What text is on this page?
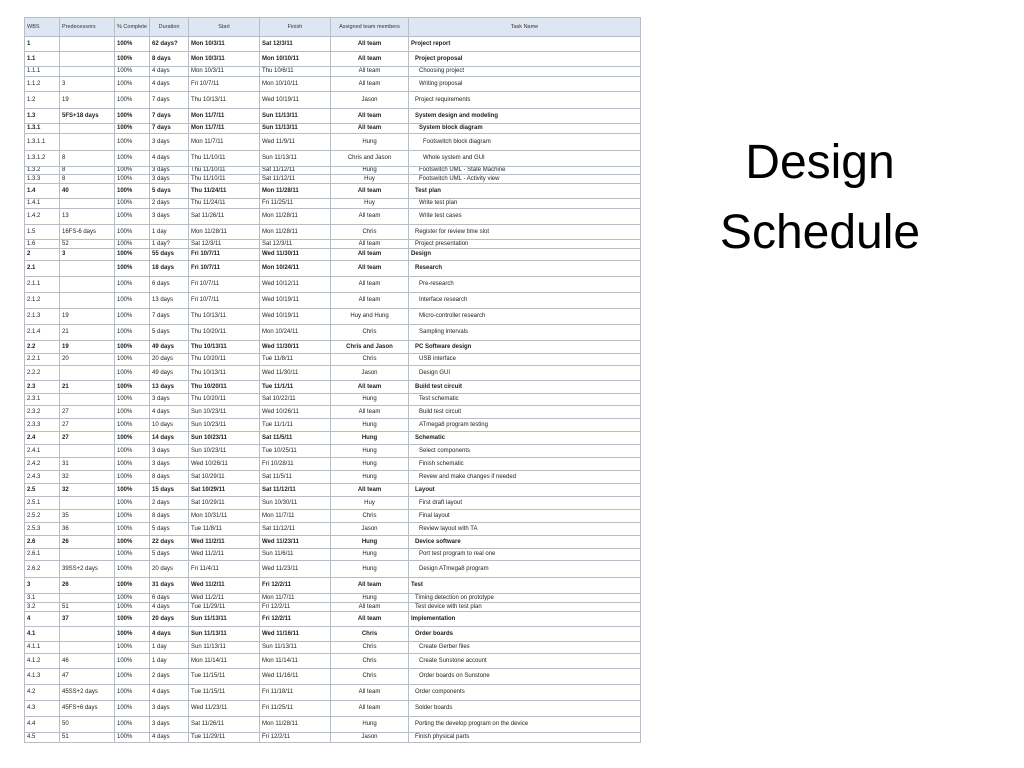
WBS	Predecessors	% Complete	Duration	Start	Finish	Assigned team members	Task Name
1		100%	62 days?	Mon 10/3/11	Sat 12/3/11	All team	Project report
1.1		100%	8 days	Mon 10/3/11	Mon 10/10/11	All team	Project proposal
1.1.1		100%	4 days	Mon 10/3/11	Thu 10/6/11	All team	Choosing project
1.1.2	3	100%	4 days	Fri 10/7/11	Mon 10/10/11	All team	Writing proposal
1.2	19	100%	7 days	Thu 10/13/11	Wed 10/19/11	Jason	Project requirements
1.3	5FS+18 days	100%	7 days	Mon 11/7/11	Sun 11/13/11	All team	System design and modeling
1.3.1		100%	7 days	Mon 11/7/11	Sun 11/13/11	All team	System block diagram
1.3.1.1		100%	3 days	Mon 11/7/11	Wed 11/9/11	Hung	Footswitch block diagram
1.3.1.2	8	100%	4 days	Thu 11/10/11	Sun 11/13/11	Chris and Jason	Whole system and GUI
1.3.2	8	100%	3 days	Thu 11/10/11	Sat 11/12/11	Hung	Footswitch UML - State Machine
1.3.3	8	100%	3 days	Thu 11/10/11	Sat 11/12/11	Huy	Footswitch UML - Activity view
1.4	40	100%	5 days	Thu 11/24/11	Mon 11/28/11	All team	Test plan
1.4.1		100%	2 days	Thu 11/24/11	Fri 11/25/11	Huy	Write test plan
1.4.2	13	100%	3 days	Sat 11/26/11	Mon 11/28/11	All team	Write test cases
1.5	16FS-6 days	100%	1 day	Mon 11/28/11	Mon 11/28/11	Chris	Register for review time slot
1.6	52	100%	1 day?	Sat 12/3/11	Sat 12/3/11	All team	Project presentation
2	3	100%	55 days	Fri 10/7/11	Wed 11/30/11	All team	Design
2.1		100%	18 days	Fri 10/7/11	Mon 10/24/11	All team	Research
2.1.1		100%	6 days	Fri 10/7/11	Wed 10/12/11	All team	Pre-research
2.1.2		100%	13 days	Fri 10/7/11	Wed 10/19/11	All team	Interface research
2.1.3	19	100%	7 days	Thu 10/13/11	Wed 10/19/11	Huy and Hung	Micro-controller research
2.1.4	21	100%	5 days	Thu 10/20/11	Mon 10/24/11	Chris	Sampling intervals
2.2	19	100%	49 days	Thu 10/13/11	Wed 11/30/11	Chris and Jason	PC Software design
2.2.1	20	100%	20 days	Thu 10/20/11	Tue 11/8/11	Chris	USB interface
2.2.2		100%	49 days	Thu 10/13/11	Wed 11/30/11	Jason	Design GUI
2.3	21	100%	13 days	Thu 10/20/11	Tue 11/1/11	All team	Build test circuit
2.3.1		100%	3 days	Thu 10/20/11	Sat 10/22/11	Hung	Test schematic
2.3.2	27	100%	4 days	Sun 10/23/11	Wed 10/26/11	All team	Build test circuit
2.3.3	27	100%	10 days	Sun 10/23/11	Tue 11/1/11	Hung	ATmega8 program testing
2.4	27	100%	14 days	Sun 10/23/11	Sat 11/5/11	Hung	Schematic
2.4.1		100%	3 days	Sun 10/23/11	Tue 10/25/11	Hung	Select components
2.4.2	31	100%	3 days	Wed 10/26/11	Fri 10/28/11	Hung	Finish schematic
2.4.3	32	100%	8 days	Sat 10/29/11	Sat 11/5/11	Hung	Revew and make changes if needed
2.5	32	100%	15 days	Sat 10/29/11	Sat 11/12/11	All team	Layout
2.5.1		100%	2 days	Sat 10/29/11	Sun 10/30/11	Huy	First draft layout
2.5.2	35	100%	8 days	Mon 10/31/11	Mon 11/7/11	Chris	Final layout
2.5.3	36	100%	5 days	Tue 11/8/11	Sat 11/12/11	Jason	Review layout with TA
2.6	26	100%	22 days	Wed 11/2/11	Wed 11/23/11	Hung	Device software
2.6.1		100%	5 days	Wed 11/2/11	Sun 11/6/11	Hung	Port test program to real one
2.6.2	39SS+2 days	100%	20 days	Fri 11/4/11	Wed 11/23/11	Hung	Design ATmega8 program
3	26	100%	31 days	Wed 11/2/11	Fri 12/2/11	All team	Test
3.1		100%	6 days	Wed 11/2/11	Mon 11/7/11	Hung	Timing detection on prototype
3.2	51	100%	4 days	Tue 11/29/11	Fri 12/2/11	All team	Test device with test plan
4	37	100%	20 days	Sun 11/13/11	Fri 12/2/11	All team	Implementation
4.1		100%	4 days	Sun 11/13/11	Wed 11/16/11	Chris	Order boards
4.1.1		100%	1 day	Sun 11/13/11	Sun 11/13/11	Chris	Create Gerber files
4.1.2	46	100%	1 day	Mon 11/14/11	Mon 11/14/11	Chris	Create Sunstone account
4.1.3	47	100%	2 days	Tue 11/15/11	Wed 11/16/11	Chris	Order boards on Sunstone
4.2	45SS+2 days	100%	4 days	Tue 11/15/11	Fri 11/18/11	All team	Order components
4.3	45FS+6 days	100%	3 days	Wed 11/23/11	Fri 11/25/11	All team	Solder boards
4.4	50	100%	3 days	Sat 11/26/11	Mon 11/28/11	Hung	Porting the develop program on the device
4.5	51	100%	4 days	Tue 11/29/11	Fri 12/2/11	Jason	Finish physical parts
Design
Schedule
